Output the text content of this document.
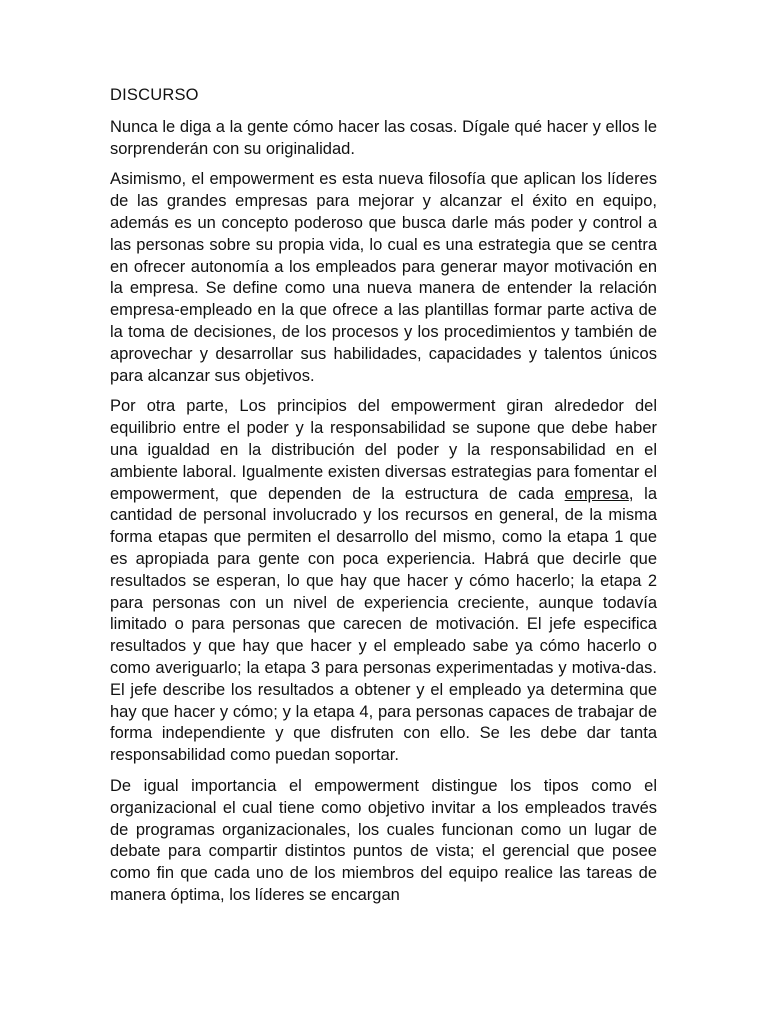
DISCURSO

Nunca le diga a la gente cómo hacer las cosas. Dígale qué hacer y ellos le sorprenderán con su originalidad.

Asimismo, el empowerment es esta nueva filosofía que aplican los líderes de las grandes empresas para mejorar y alcanzar el éxito en equipo, además es un concepto poderoso que busca darle más poder y control a las personas sobre su propia vida, lo cual es una estrategia que se centra en ofrecer autonomía a los empleados para generar mayor motivación en la empresa. Se define como una nueva manera de entender la relación empresa-empleado en la que ofrece a las plantillas formar parte activa de la toma de decisiones, de los procesos y los procedimientos y también de aprovechar y desarrollar sus habilidades, capacidades y talentos únicos para alcanzar sus objetivos.

Por otra parte, Los principios del empowerment giran alrededor del equilibrio entre el poder y la responsabilidad se supone que debe haber una igualdad en la distribución del poder y la responsabilidad en el ambiente laboral. Igualmente existen diversas estrategias para fomentar el empowerment, que dependen de la estructura de cada empresa, la cantidad de personal involucrado y los recursos en general, de la misma forma etapas que permiten el desarrollo del mismo, como la etapa 1 que es apropiada para gente con poca experiencia. Habrá que decirle que resultados se esperan, lo que hay que hacer y cómo hacerlo; la etapa 2 para personas con un nivel de experiencia creciente, aunque todavía limitado o para personas que carecen de motivación. El jefe especifica resultados y que hay que hacer y el empleado sabe ya cómo hacerlo o como averiguarlo; la etapa 3 para personas experimentadas y motiva-das. El jefe describe los resultados a obtener y el empleado ya determina que hay que hacer y cómo; y la etapa 4, para personas capaces de trabajar de forma independiente y que disfruten con ello. Se les debe dar tanta responsabilidad como puedan soportar.

De igual importancia el empowerment distingue los tipos como el organizacional el cual tiene como objetivo invitar a los empleados través de programas organizacionales, los cuales funcionan como un lugar de debate para compartir distintos puntos de vista; el gerencial que posee como fin que cada uno de los miembros del equipo realice las tareas de manera óptima, los líderes se encargan
